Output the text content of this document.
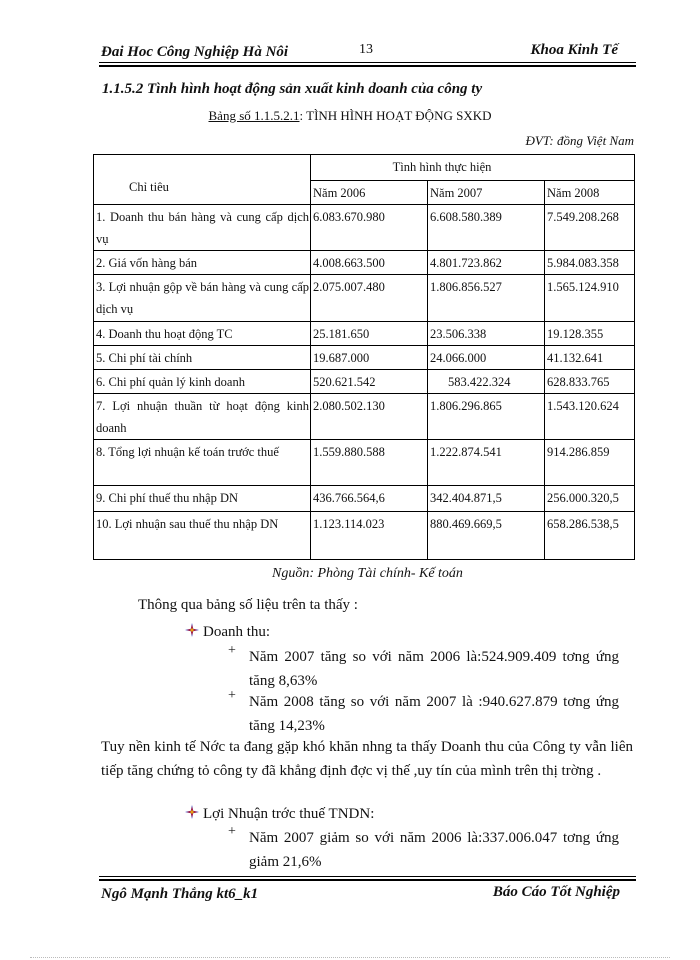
Đai Hoc Công Nghiệp Hà Nôi	13	Khoa Kinh Tế
1.1.5.2 Tình hình hoạt động sản xuất kinh doanh của công ty
Bảng số 1.1.5.2.1: TÌNH HÌNH HOẠT ĐỘNG SXKD
ĐVT: đồng Việt Nam
Chỉ tiêu	Tình hình thực hiện		
	Năm 2006	Năm 2007	Năm 2008
1. Doanh thu bán hàng và cung cấp dịch vụ	6.083.670.980	6.608.580.389	7.549.208.268
2. Giá vốn hàng bán	4.008.663.500	4.801.723.862	5.984.083.358
3. Lợi nhuận gộp về bán hàng và cung cấp dịch vụ	2.075.007.480	1.806.856.527	1.565.124.910
4. Doanh thu hoạt động TC	25.181.650	23.506.338	19.128.355
5. Chi phí tài chính	19.687.000	24.066.000	41.132.641
6. Chi phí quản lý kinh doanh	520.621.542	583.422.324	628.833.765
7. Lợi nhuận thuần từ hoạt động kinh doanh	2.080.502.130	1.806.296.865	1.543.120.624
8. Tổng lợi nhuận kế toán trước thuế	1.559.880.588	1.222.874.541	914.286.859
9. Chi phí thuế thu nhập DN	436.766.564,6	342.404.871,5	256.000.320,5
10. Lợi nhuận sau thuế thu nhập DN	1.123.114.023	880.469.669,5	658.286.538,5
Nguồn: Phòng Tài chính- Kế toán
Thông qua bảng số liệu trên ta thấy :
Doanh thu:
+ Năm 2007 tăng so với năm 2006 là:524.909.409 tơng ứng tăng 8,63%
+ Năm 2008 tăng so với năm 2007 là :940.627.879 tơng ứng tăng 14,23%
Tuy nền kinh tế Nớc ta đang gặp khó khăn nhng ta thấy Doanh thu của Công ty vẫn liên tiếp tăng chứng tỏ công ty đã khẳng định đợc vị thế ,uy tín của mình trên thị trờng .
Lợi Nhuận trớc thuế TNDN:
+ Năm 2007 giảm so với năm 2006 là:337.006.047 tơng ứng giảm 21,6%
Ngô Mạnh Thắng kt6_k1	Báo Cáo Tốt Nghiệp
